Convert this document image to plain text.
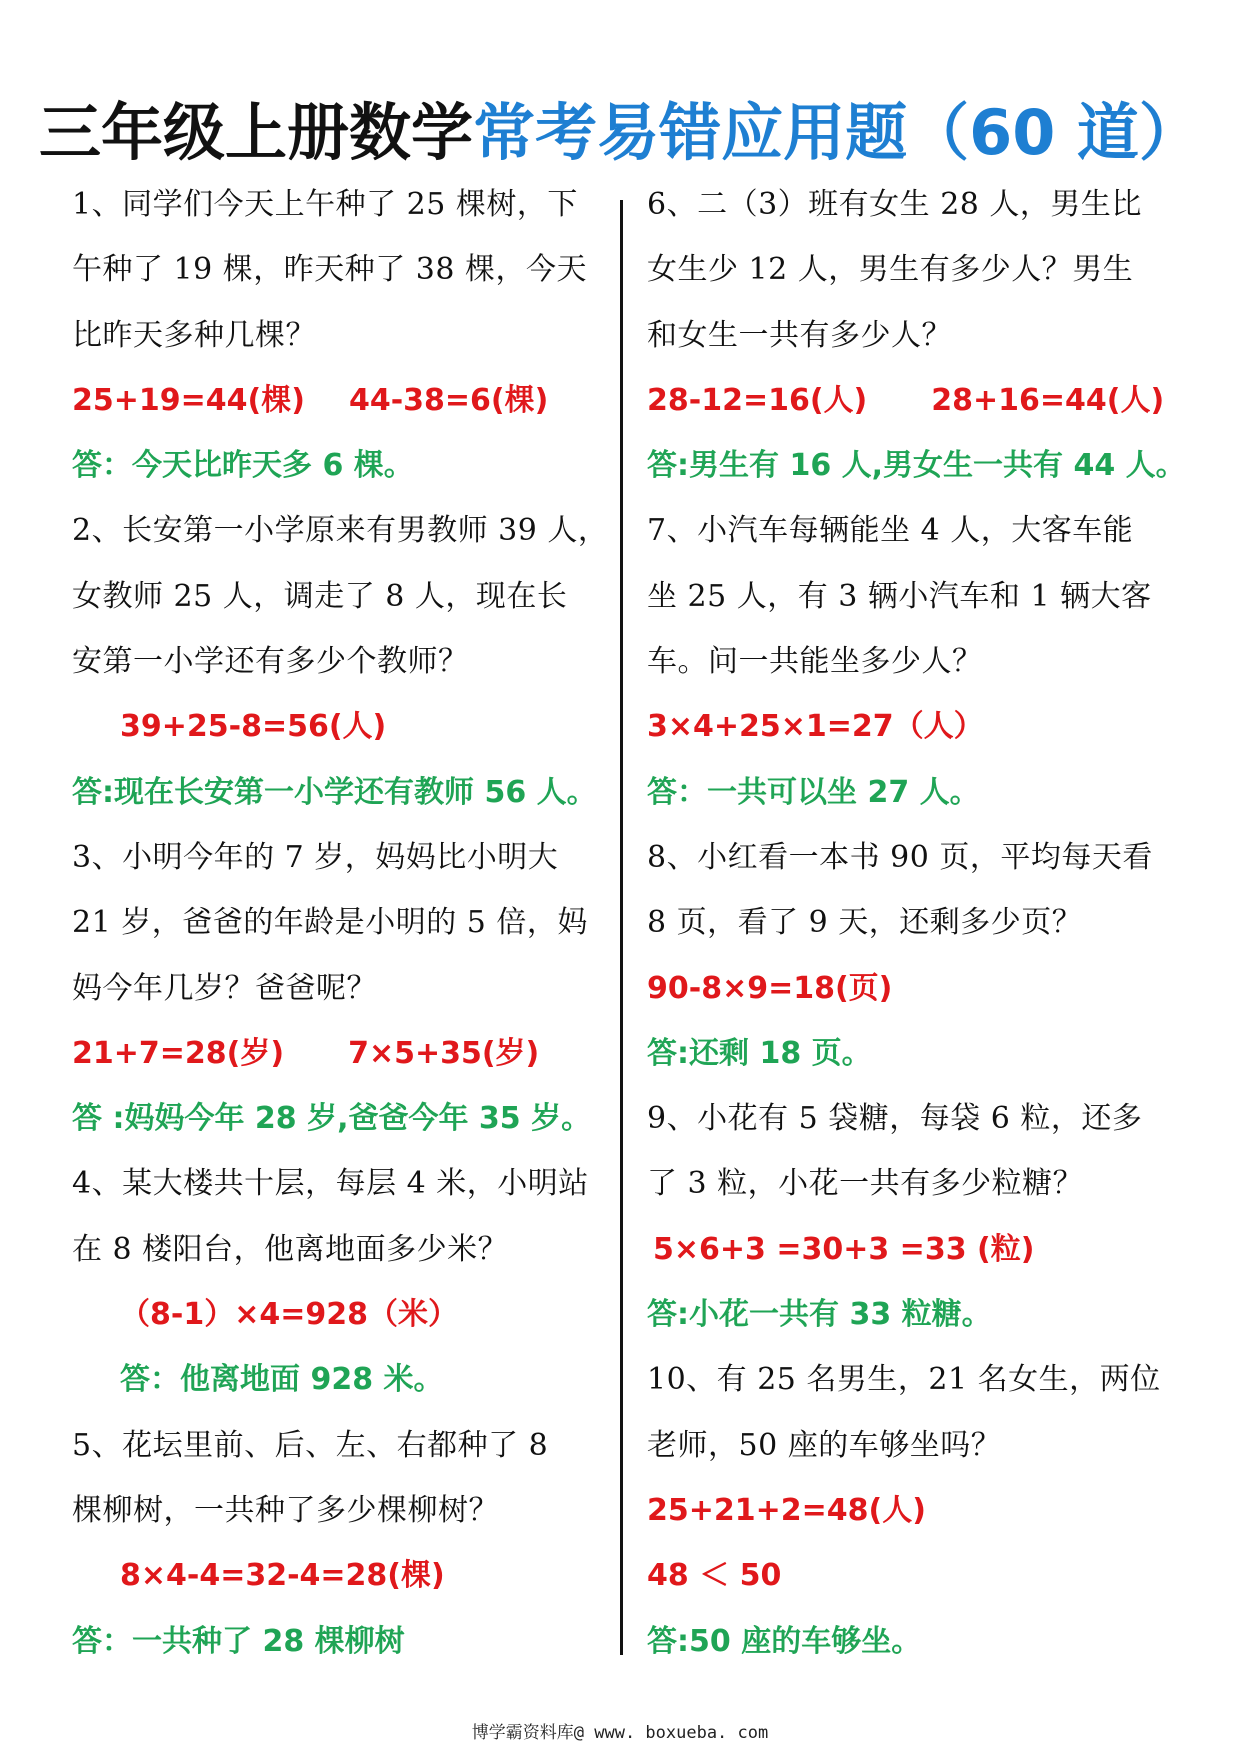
三年级上册数学常考易错应用题（60 道）
1、同学们今天上午种了 25 棵树，下
午种了 19 棵，昨天种了 38 棵，今天
比昨天多种几棵？
25+19=44(棵) 44-38=6(棵)
答：今天比昨天多 6 棵。
2、长安第一小学原来有男教师 39 人，
女教师 25 人，调走了 8 人，现在长
安第一小学还有多少个教师？
39+25-8=56(人)
答:现在长安第一小学还有教师 56 人。
3、小明今年的 7 岁，妈妈比小明大
21 岁，爸爸的年龄是小明的 5 倍，妈
妈今年几岁？爸爸呢？
21+7=28(岁) 7×5+35(岁)
答 :妈妈今年 28 岁,爸爸今年 35 岁。
4、某大楼共十层，每层 4 米，小明站
在 8 楼阳台，他离地面多少米？
（8-1）×4=928（米）
答：他离地面 928 米。
5、花坛里前、后、左、右都种了 8
棵柳树，一共种了多少棵柳树？
8×4-4=32-4=28(棵)
答：一共种了 28 棵柳树
6、二（3）班有女生 28 人，男生比
女生少 12 人，男生有多少人？男生
和女生一共有多少人？
28-12=16(人) 28+16=44(人)
答:男生有 16 人,男女生一共有 44 人。
7、小汽车每辆能坐 4 人，大客车能
坐 25 人，有 3 辆小汽车和 1 辆大客
车。问一共能坐多少人？
3×4+25×1=27（人）
答：一共可以坐 27 人。
8、小红看一本书 90 页，平均每天看
8 页，看了 9 天，还剩多少页？
90-8×9=18(页)
答:还剩 18 页。
9、小花有 5 袋糖，每袋 6 粒，还多
了 3 粒，小花一共有多少粒糖？
5×6+3 =30+3 =33 (粒)
答:小花一共有 33 粒糖。
10、有 25 名男生，21 名女生，两位
老师，50 座的车够坐吗？
25+21+2=48(人)
48 ＜ 50
答:50 座的车够坐。
博学霸资料库@ www. boxueba. com
